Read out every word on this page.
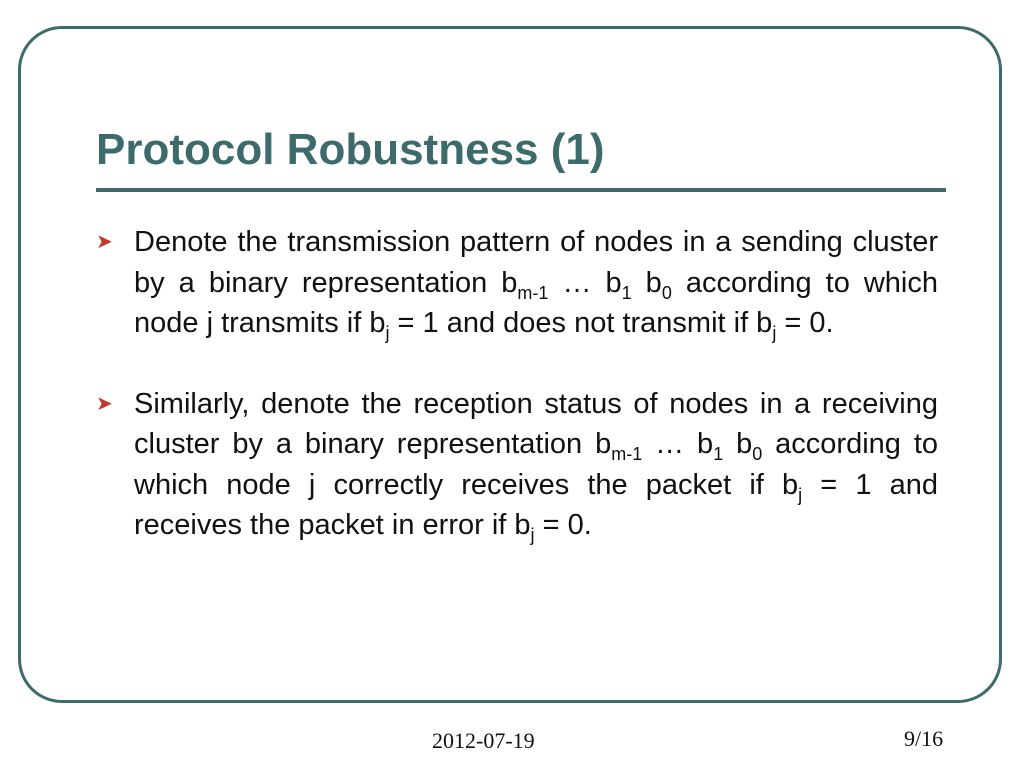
Protocol Robustness (1)
➤ Denote the transmission pattern of nodes in a sending cluster by a binary representation $b_{m-1}$ … $b_1$ $b_0$ according to which node j transmits if $b_j = 1$ and does not transmit if $b_j = 0$.
➤ Similarly, denote the reception status of nodes in a receiving cluster by a binary representation $b_{m-1}$ … $b_1$ $b_0$ according to which node j correctly receives the packet if $b_j = 1$ and receives the packet in error if $b_j = 0$.
2012-07-19	9/16
